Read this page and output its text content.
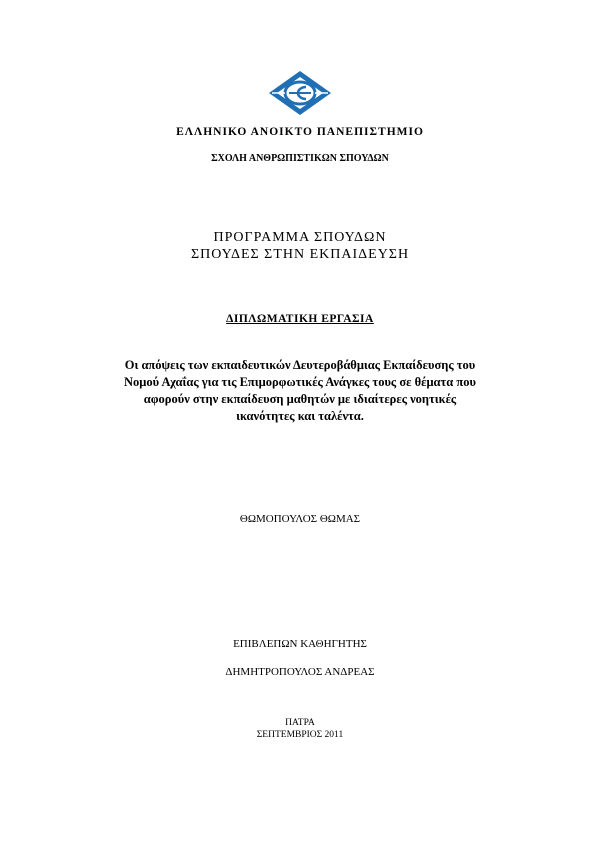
ΕΛΛΗΝΙΚΟ ΑΝΟΙΚΤΟ ΠΑΝΕΠΙΣΤΗΜΙΟ
ΣΧΟΛΗ ΑΝΘΡΩΠΙΣΤΙΚΩΝ ΣΠΟΥΔΩΝ
ΠΡΟΓΡΑΜΜΑ ΣΠΟΥΔΩΝ
ΣΠΟΥΔΕΣ ΣΤΗΝ ΕΚΠΑΙΔΕΥΣΗ
ΔΙΠΛΩΜΑΤΙΚΗ ΕΡΓΑΣΙΑ
Οι απόψεις των εκπαιδευτικών Δευτεροβάθμιας Εκπαίδευσης του
Νομού Αχαΐας για τις Επιμορφωτικές Ανάγκες τους σε θέματα που
αφορούν στην εκπαίδευση μαθητών με ιδιαίτερες νοητικές
ικανότητες και ταλέντα.
ΘΩΜΟΠΟΥΛΟΣ ΘΩΜΑΣ
ΕΠΙΒΛΕΠΩΝ ΚΑΘΗΓΗΤΗΣ
ΔΗΜΗΤΡΟΠΟΥΛΟΣ ΑΝΔΡΕΑΣ
ΠΑΤΡΑ
ΣΕΠΤΕΜΒΡΙΟΣ 2011
